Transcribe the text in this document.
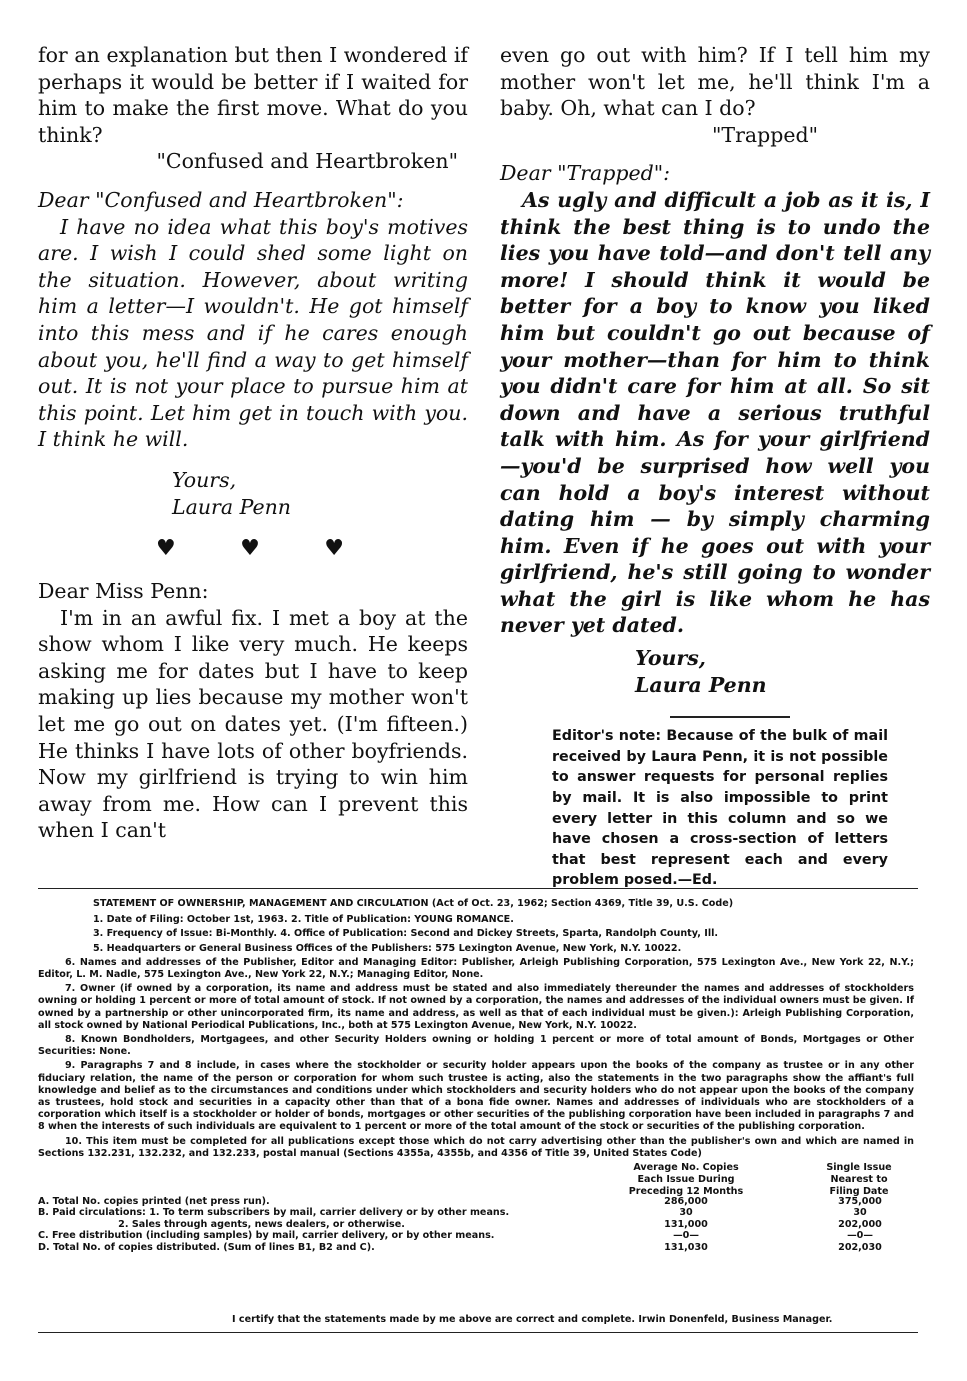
for an explanation but then I wondered if perhaps it would be better if I waited for him to make the first move. What do you think?

"Confused and Heartbroken"

Dear "Confused and Heartbroken":

I have no idea what this boy's motives are. I wish I could shed some light on the situation. However, about writing him a letter—I wouldn't. He got himself into this mess and if he cares enough about you, he'll find a way to get himself out. It is not your place to pursue him at this point. Let him get in touch with you. I think he will.

Yours,

Laura Penn

♥	♥	♥

Dear Miss Penn:

I'm in an awful fix. I met a boy at the show whom I like very much. He keeps asking me for dates but I have to keep making up lies because my mother won't let me go out on dates yet. (I'm fifteen.) He thinks I have lots of other boyfriends. Now my girlfriend is trying to win him away from me. How can I prevent this when I can't

even go out with him? If I tell him my mother won't let me, he'll think I'm a baby. Oh, what can I do?

"Trapped"

Dear "Trapped":

As ugly and difficult a job as it is, I think the best thing is to undo the lies you have told—and don't tell any more! I should think it would be better for a boy to know you liked him but couldn't go out because of your mother—than for him to think you didn't care for him at all. So sit down and have a serious truthful talk with him. As for your girlfriend—you'd be surprised how well you can hold a boy's interest without dating him — by simply charming him. Even if he goes out with your girlfriend, he's still going to wonder what the girl is like whom he has never yet dated.

Yours,

Laura Penn

Editor's note: Because of the bulk of mail received by Laura Penn, it is not possible to answer requests for personal replies by mail. It is also impossible to print every letter in this column and so we have chosen a cross-section of letters that best represent each and every problem posed.—Ed.

STATEMENT OF OWNERSHIP, MANAGEMENT AND CIRCULATION (Act of Oct. 23, 1962; Section 4369, Title 39, U.S. Code)

1. Date of Filing: October 1st, 1963. 2. Title of Publication: YOUNG ROMANCE.

3. Frequency of Issue: Bi-Monthly. 4. Office of Publication: Second and Dickey Streets, Sparta, Randolph County, Ill.

5. Headquarters or General Business Offices of the Publishers: 575 Lexington Avenue, New York, N.Y. 10022.

6. Names and addresses of the Publisher, Editor and Managing Editor: Publisher, Arleigh Publishing Corporation, 575 Lexington Ave., New York 22, N.Y.; Editor, L. M. Nadle, 575 Lexington Ave., New York 22, N.Y.; Managing Editor, None.

7. Owner (if owned by a corporation, its name and address must be stated and also immediately thereunder the names and addresses of stockholders owning or holding 1 percent or more of total amount of stock. If not owned by a corporation, the names and addresses of the individual owners must be given. If owned by a partnership or other unincorporated firm, its name and address, as well as that of each individual must be given.): Arleigh Publishing Corporation, all stock owned by National Periodical Publications, Inc., both at 575 Lexington Avenue, New York, N.Y. 10022.

8. Known Bondholders, Mortgagees, and other Security Holders owning or holding 1 percent or more of total amount of Bonds, Mortgages or Other Securities: None.

9. Paragraphs 7 and 8 include, in cases where the stockholder or security holder appears upon the books of the company as trustee or in any other fiduciary relation, the name of the person or corporation for whom such trustee is acting, also the statements in the two paragraphs show the affiant's full knowledge and belief as to the circumstances and conditions under which stockholders and security holders who do not appear upon the books of the company as trustees, hold stock and securities in a capacity other than that of a bona fide owner. Names and addresses of individuals who are stockholders of a corporation which itself is a stockholder or holder of bonds, mortgages or other securities of the publishing corporation have been included in paragraphs 7 and 8 when the interests of such individuals are equivalent to 1 percent or more of the total amount of the stock or securities of the publishing corporation.

10. This item must be completed for all publications except those which do not carry advertising other than the publisher's own and which are named in Sections 132.231, 132.232, and 132.233, postal manual (Sections 4355a, 4355b, and 4356 of Title 39, United States Code)

Average No. Copies
Each Issue During
Preceding 12 Months
Single Issue
Nearest to
Filing Date
A. Total No. copies printed (net press run).	286,000	375,000
B. Paid circulations: 1. To term subscribers by mail, carrier delivery or by other means.	30	30
2. Sales through agents, news dealers, or otherwise.	131,000	202,000
C. Free distribution (including samples) by mail, carrier delivery, or by other means.	—0—	—0—
D. Total No. of copies distributed. (Sum of lines B1, B2 and C).	131,030	202,030
I certify that the statements made by me above are correct and complete. Irwin Donenfeld, Business Manager.
